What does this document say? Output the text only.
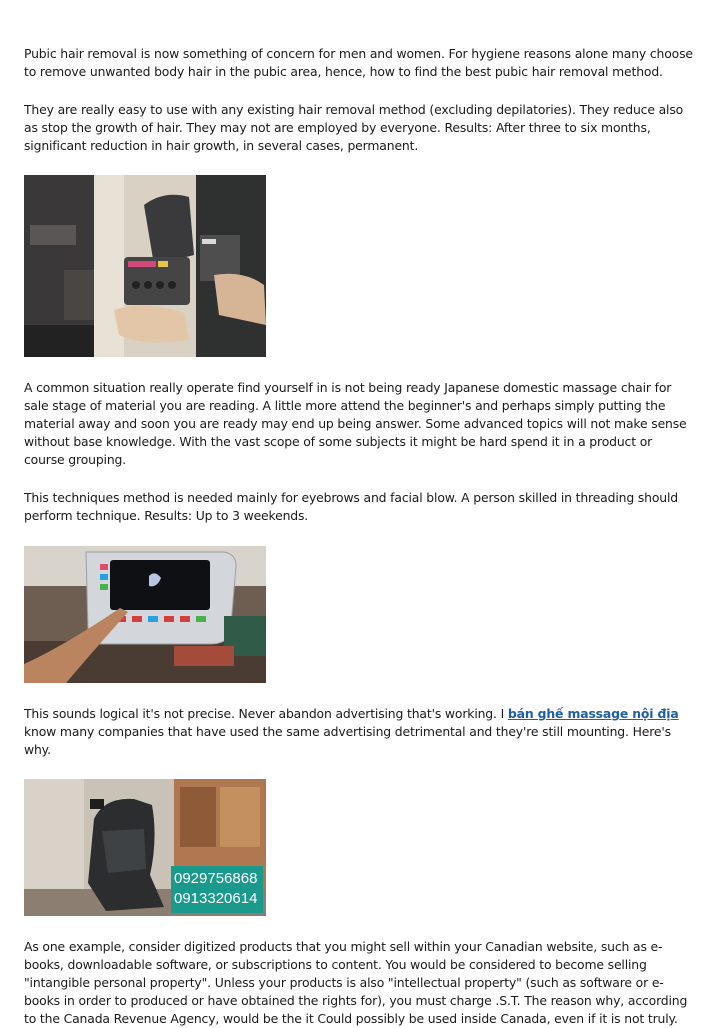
Pubic hair removal is now something of concern for men and women. For hygiene reasons alone many choose to remove unwanted body hair in the pubic area, hence, how to find the best pubic hair removal method.

They are really easy to use with any existing hair removal method (excluding depilatories). They reduce also as stop the growth of hair. They may not are employed by everyone. Results: After three to six months, significant reduction in hair growth, in several cases, permanent.

A common situation really operate find yourself in is not being ready Japanese domestic massage chair for sale stage of material you are reading. A little more attend the beginner's and perhaps simply putting the material away and soon you are ready may end up being answer. Some advanced topics will not make sense without base knowledge. With the vast scope of some subjects it might be hard spend it in a product or course grouping.

This techniques method is needed mainly for eyebrows and facial blow. A person skilled in threading should perform technique. Results: Up to 3 weekends.

This sounds logical it's not precise. Never abandon advertising that's working. I bán ghế massage nội địa know many companies that have used the same advertising detrimental and they're still mounting. Here's why.

0929756868
0913320614

As one example, consider digitized products that you might sell within your Canadian website, such as e-books, downloadable software, or subscriptions to content. You would be considered to become selling "intangible personal property". Unless your products is also "intellectual property" (such as software or e-books in order to produced or have obtained the rights for), you must charge .S.T. The reason why, according to the Canada Revenue Agency, would be the it Could possibly be used inside Canada, even if it is not truly.
